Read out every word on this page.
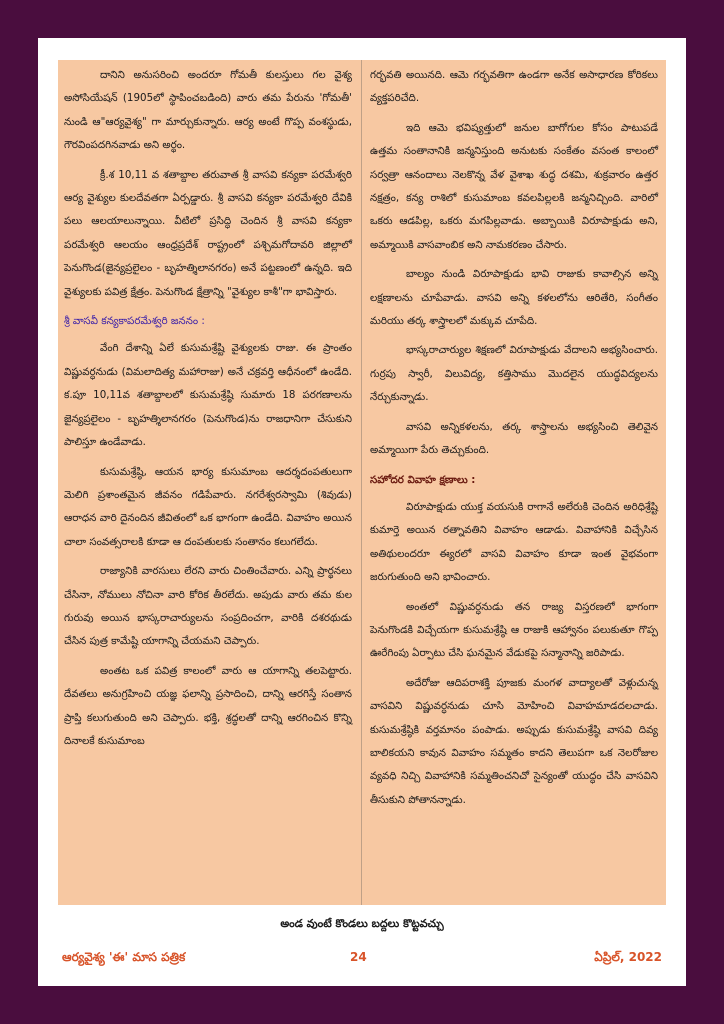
దానిని అనుసరించి అందరూ గోమతీ కులస్తులు గల వైశ్య అసోసియేషన్ (1905లో స్థాపించబడింది) వారు తమ పేరును 'గోమతీ' నుండి ఆ"ఆర్యవైశ్య" గా మార్చుకున్నారు. ఆర్య అంటే గొప్ప వంశస్థుడు, గౌరవింపదగినవాడు అని అర్థం.

క్రీ.శ 10,11 వ శతాబ్దాల తరువాత శ్రీ వాసవి కన్యకా పరమేశ్వరి ఆర్య వైశ్యుల కులదేవతగా ఏర్పడ్డారు. శ్రీ వాసవి కన్యకా పరమేశ్వరి దేవికి పలు ఆలయాలున్నాయి. వీటిలో ప్రసిద్ధి చెందిన శ్రీ వాసవి కన్యకా పరమేశ్వరి ఆలయం ఆంధ్రప్రదేశ్ రాష్ట్రంలో పశ్చిమగోదావరి జిల్లాలో పెనుగొండ(జైన్యప్రలైలం - బృహత్శిలానగరం) అనే పట్టణంలో ఉన్నది. ఇది వైశ్యులకు పవిత్ర క్షేత్రం. పెనుగొండ క్షేత్రాన్ని "వైశ్యుల కాశీ"గా భావిస్తారు.

శ్రీ వాసవీ కన్యకాపరమేశ్వరి జననం :

వేంగి దేశాన్ని ఏలే కుసుమశ్రేష్టి వైశ్యులకు రాజు. ఈ ప్రాంతం విష్ణువర్ధనుడు (విమలాదిత్య మహారాజు) అనే చక్రవర్తి ఆధీనంలో ఉండేది. క.పూ 10,11వ శతాబ్దాలలో కుసుమశ్రేష్ఠి సుమారు 18 పరగణాలను జైన్యప్రలైలం - బృహత్శిలానగరం (పెనుగొండ)ను రాజధానిగా చేసుకుని పాలిస్తూ ఉండేవాడు.

కుసుమశ్రేష్ఠి, ఆయన భార్య కుసుమాంబ ఆదర్శదంపతులుగా మెలిగి ప్రశాంతమైన జీవనం గడిపేవారు. నగరేశ్వరస్వామి (శివుడు) ఆరాధన వారి దైనందిన జీవితంలో ఒక భాగంగా ఉండేది. వివాహం అయిన చాలా సంవత్సరాలకి కూడా ఆ దంపతులకు సంతానం కలుగలేదు.

రాజ్యానికి వారసులు లేరని వారు చింతించేవారు. ఎన్ని ప్రార్థనలు చేసినా, నోములు నోచినా వారి కోరిక తీరలేదు. అపుడు వారు తమ కుల గురువు అయిన భాస్కరాచార్యులను సంప్రదించగా, వారికి దశరథుడు చేసిన పుత్ర కామేష్టి యాగాన్ని చేయమని చెప్పారు.

అంతట ఒక పవిత్ర కాలంలో వారు ఆ యాగాన్ని తలపెట్టారు. దేవతలు అనుగ్రహించి యజ్ఞ ఫలాన్ని ప్రసాదించి, దాన్ని ఆరగిస్తే సంతాన ప్రాప్తి కలుగుతుంది అని చెప్పారు. భక్తి, శ్రద్ధలతో దాన్ని ఆరగించిన కొన్ని దినాలకే కుసుమాంబ

గర్భవతి అయినది. ఆమె గర్భవతిగా ఉండగా అనేక అసాధారణ కోరికలు వ్యక్తపరిచేది.

ఇది ఆమె భవిష్యత్తులో జనుల బాగోగుల కోసం పాటుపడే ఉత్తమ సంతానానికి జన్మనిస్తుంది అనుటకు సంకేతం వసంత కాలంలో సర్వత్రా ఆనందాలు నెలకొన్న వేళ వైశాఖ శుద్ధ దశమి, శుక్రవారం ఉత్తర నక్షత్రం, కన్య రాశిలో కుసుమాంబ కవలపిల్లలకి జన్మనిచ్చింది. వారిలో ఒకరు ఆడపిల్ల, ఒకరు మగపిల్లవాడు. అబ్బాయికి విరూపాక్షుడు అని, అమ్మాయికి వాసవాంబిక అని నామకరణం చేసారు.

బాల్యం నుండి విరూపాక్షుడు భావి రాజుకు కావాల్సిన అన్ని లక్షణాలను చూపేవాడు. వాసవి అన్ని కళలలోను ఆరితేరి, సంగీతం మరియు తర్క శాస్త్రాలలో మక్కువ చూపేది.

భాస్కరాచార్యుల శిక్షణలో విరూపాక్షుడు వేదాలని అభ్యసించారు. గుర్రపు స్వారీ, విలువిద్య, కత్తిసాము మొదలైన యుద్ధవిద్యలను నేర్చుకున్నాడు.

వాసవి అన్నికళలను, తర్క శాస్త్రాలను అభ్యసించి తెలివైన అమ్మాయిగా పేరు తెచ్చుకుంది.

సహోదర వివాహ క్షణాలు :

విరూపాక్షుడు యుక్త వయసుకి రాగానే అలేరుకి చెందిన అరిధిశ్రేష్టి కుమార్తె అయిన రత్నావతిని వివాహం ఆడాడు. వివాహానికి విచ్చేసిన అతిథులందరూ ఈ్యరలో వాసవి వివాహం కూడా ఇంత వైభవంగా జరుగుతుంది అని భావించారు.

అంతలో విష్ణువర్ధనుడు తన రాజ్య విస్తరణలో భాగంగా పెనుగొండకి విచ్చేయగా కుసుమశ్రేష్ఠి ఆ రాజుకి ఆహ్వానం పలుకుతూ గొప్ప ఊరేగింపు ఏర్పాటు చేసి ఘనమైన వేడుకపై సన్మానాన్ని జరిపాడు.

అదేరోజు ఆదిపరాశక్తి పూజకు మంగళ వాద్యాలతో వెళ్లుచున్న వాసవిని విష్ణువర్ధనుడు చూసి మోహించి వివాహమాడదలచాడు. కుసుమశ్రేష్ఠికి వర్తమానం పంపాడు. అప్పుడు కుసుమశ్రేష్ఠి వాసవి దివ్య బాలికయని కావున వివాహం సమ్మతం కాదని తెలుపగా ఒక నెలరోజుల వ్యవధి నిచ్చి వివాహానికి సమ్మతించనిచో సైన్యంతో యుద్ధం చేసి వాసవిని తీసుకుని పోతానన్నాడు.

అండ వుంటే కొండలు బద్దలు కొట్టవచ్చు
ఆర్యవైశ్య 'ఈ' మాస పత్రిక	24	ఏప్రిల్, 2022
